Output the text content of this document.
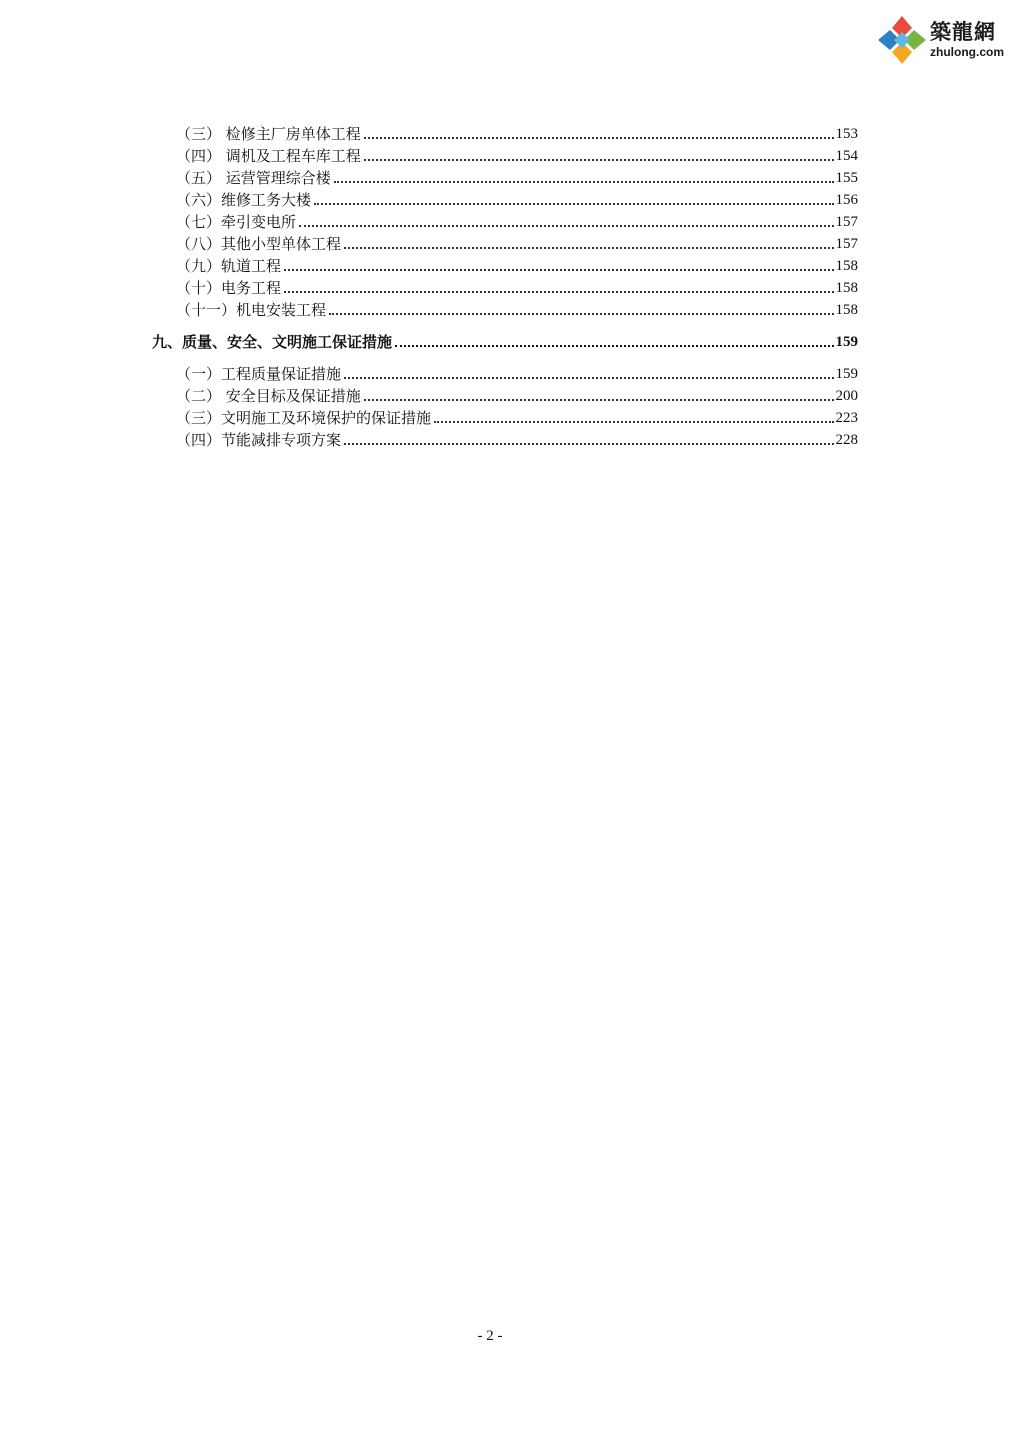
築龍網
zhulong.com
（三） 检修主厂房单体工程	153
（四） 调机及工程车库工程	154
（五） 运营管理综合楼	155
（六）维修工务大楼	156
（七）牵引变电所	157
（八）其他小型单体工程	157
（九）轨道工程	158
（十）电务工程	158
（十一）机电安装工程	158
九、质量、安全、文明施工保证措施	159
（一）工程质量保证措施	159
（二） 安全目标及保证措施	200
（三）文明施工及环境保护的保证措施	223
（四）节能减排专项方案	228
- 2 -
